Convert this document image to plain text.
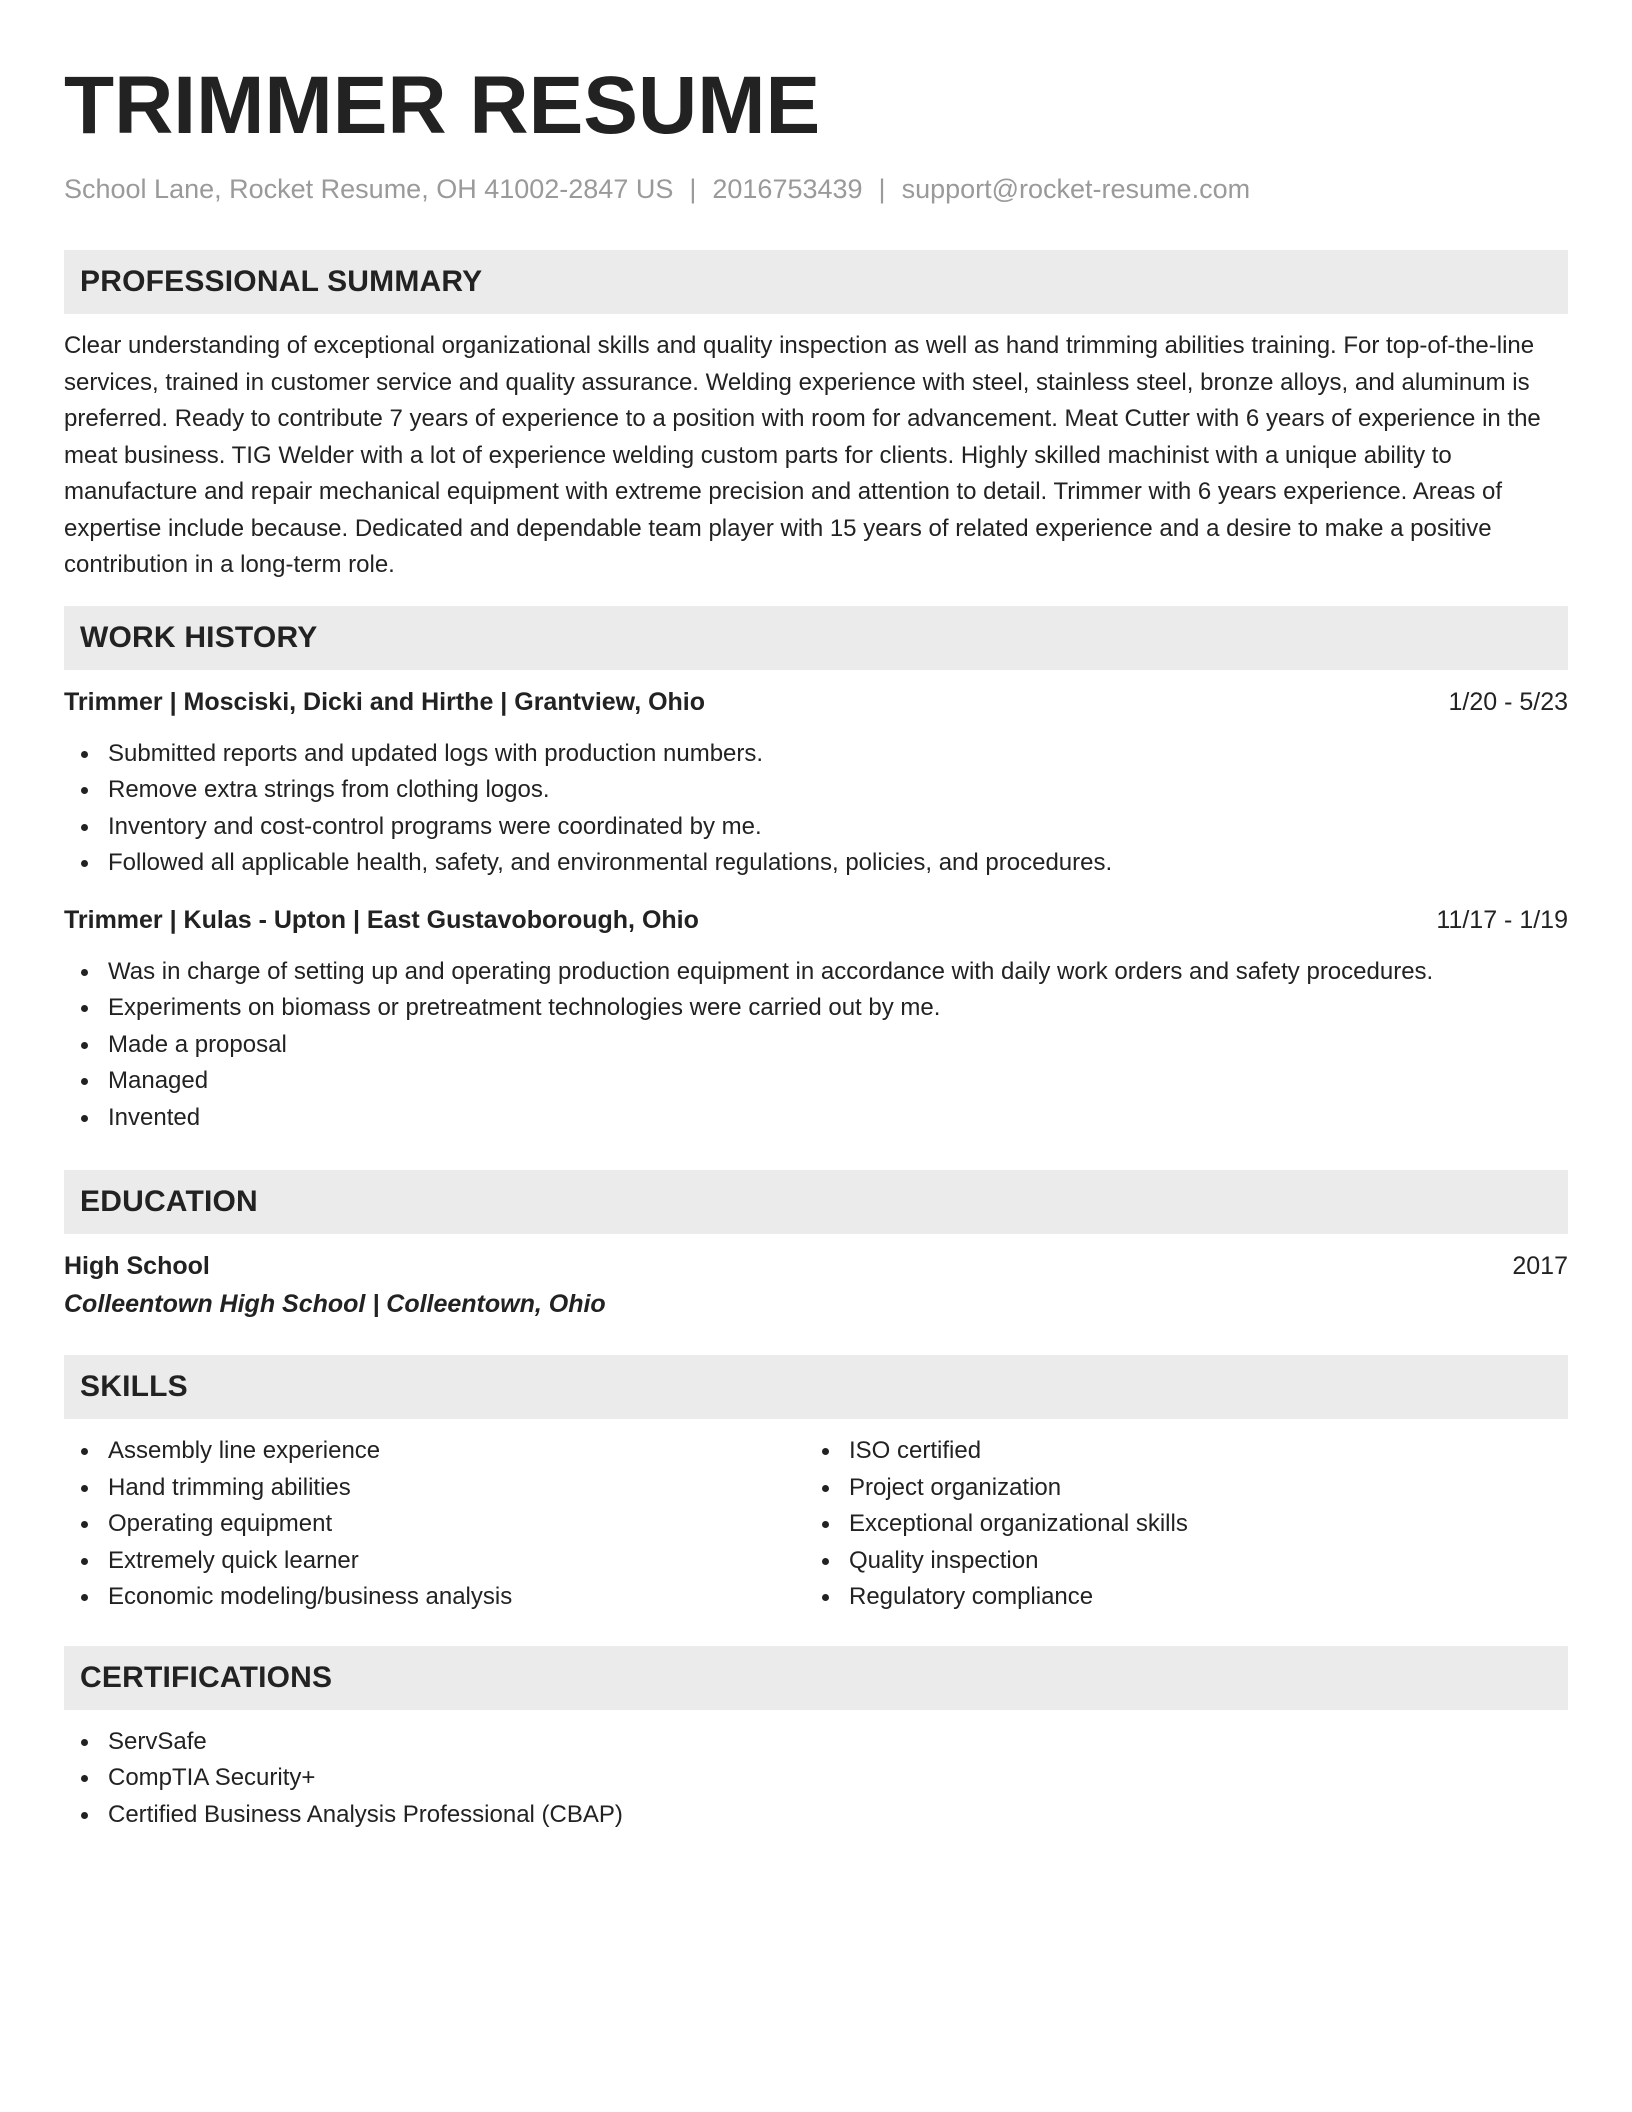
TRIMMER RESUME
School Lane, Rocket Resume, OH 41002-2847 US | 2016753439 | support@rocket-resume.com
PROFESSIONAL SUMMARY
Clear understanding of exceptional organizational skills and quality inspection as well as hand trimming abilities training. For top-of-the-line services, trained in customer service and quality assurance. Welding experience with steel, stainless steel, bronze alloys, and aluminum is preferred. Ready to contribute 7 years of experience to a position with room for advancement. Meat Cutter with 6 years of experience in the meat business. TIG Welder with a lot of experience welding custom parts for clients. Highly skilled machinist with a unique ability to manufacture and repair mechanical equipment with extreme precision and attention to detail. Trimmer with 6 years experience. Areas of expertise include because. Dedicated and dependable team player with 15 years of related experience and a desire to make a positive contribution in a long-term role.
WORK HISTORY
Trimmer | Mosciski, Dicki and Hirthe | Grantview, Ohio	1/20 - 5/23
Submitted reports and updated logs with production numbers.
Remove extra strings from clothing logos.
Inventory and cost-control programs were coordinated by me.
Followed all applicable health, safety, and environmental regulations, policies, and procedures.
Trimmer | Kulas - Upton | East Gustavoborough, Ohio	11/17 - 1/19
Was in charge of setting up and operating production equipment in accordance with daily work orders and safety procedures.
Experiments on biomass or pretreatment technologies were carried out by me.
Made a proposal
Managed
Invented
EDUCATION
High School	2017
Colleentown High School | Colleentown, Ohio
SKILLS
Assembly line experience
Hand trimming abilities
Operating equipment
Extremely quick learner
Economic modeling/business analysis
ISO certified
Project organization
Exceptional organizational skills
Quality inspection
Regulatory compliance
CERTIFICATIONS
ServSafe
CompTIA Security+
Certified Business Analysis Professional (CBAP)
